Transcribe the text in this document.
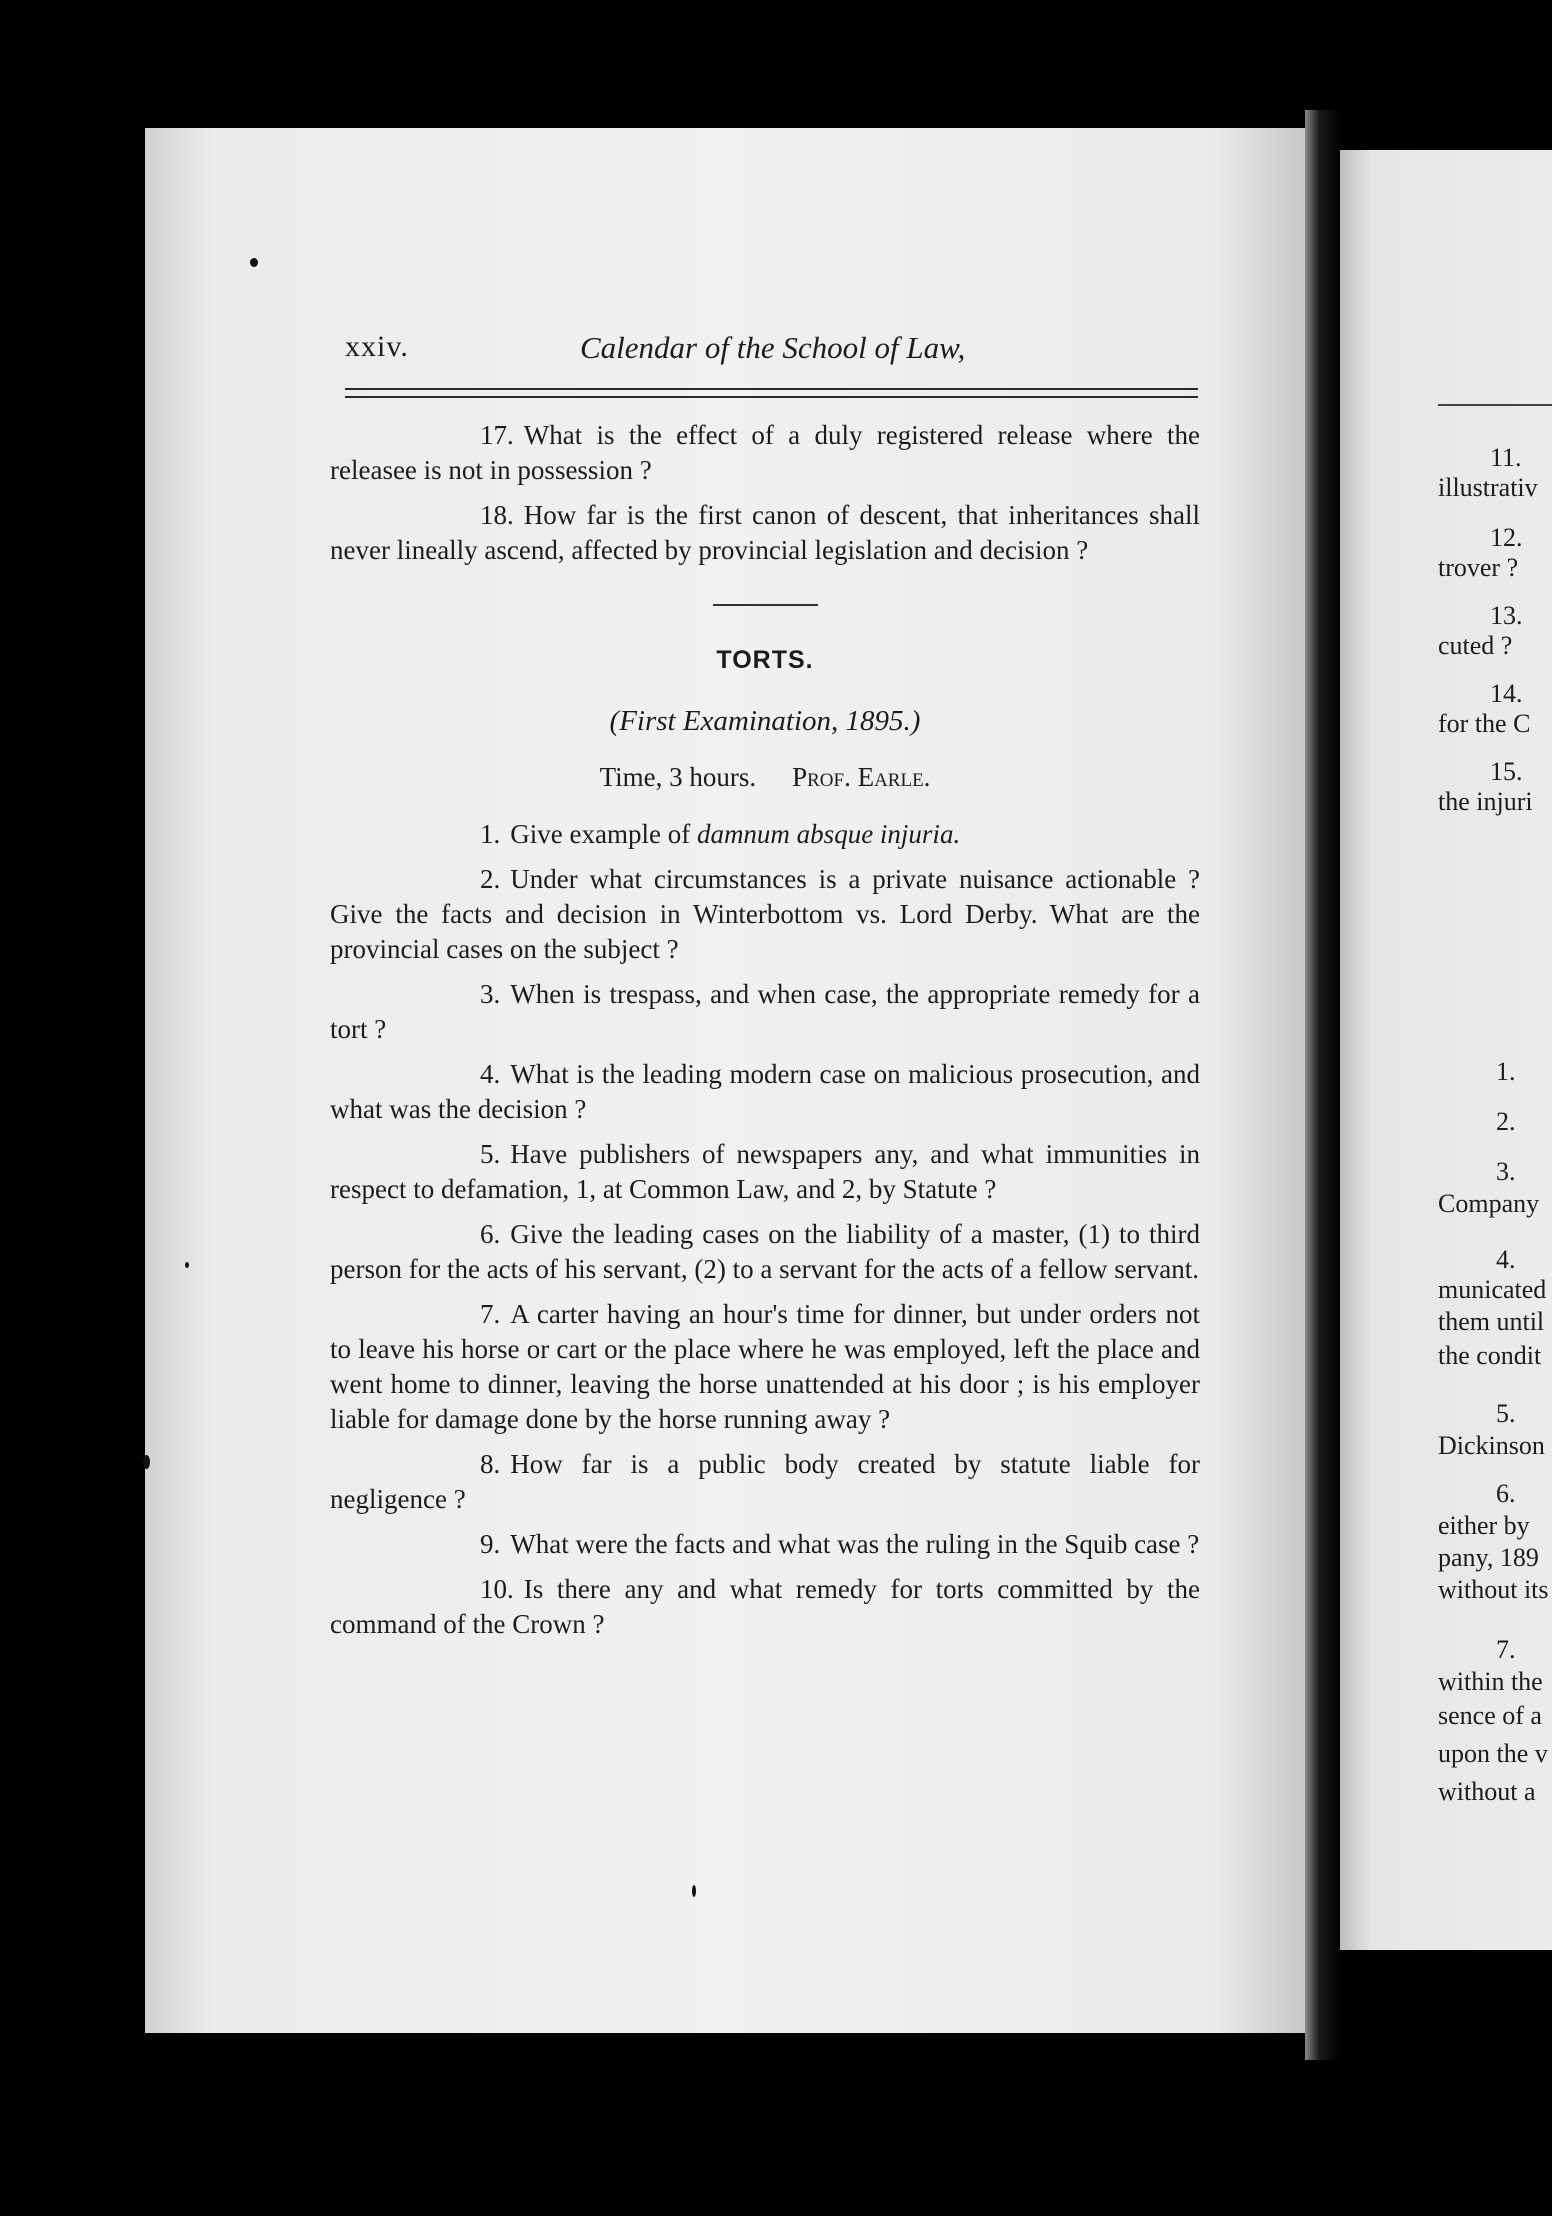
xxiv.	Calendar of the School of Law,

17. What is the effect of a duly registered release where the releasee is not in possession ?

18. How far is the first canon of descent, that inheritances shall never lineally ascend, affected by provincial legislation and decision ?

TORTS.
(First Examination, 1895.)
Time, 3 hours. Prof. Earle.

1. Give example of damnum absque injuria.

2. Under what circumstances is a private nuisance actionable ? Give the facts and decision in Winterbottom vs. Lord Derby. What are the provincial cases on the subject ?

3. When is trespass, and when case, the appropriate remedy for a tort ?

4. What is the leading modern case on malicious prosecution, and what was the decision ?

5. Have publishers of newspapers any, and what immunities in respect to defamation, 1, at Common Law, and 2, by Statute ?

6. Give the leading cases on the liability of a master, (1) to third person for the acts of his servant, (2) to a servant for the acts of a fellow servant.

7. A carter having an hour's time for dinner, but under orders not to leave his horse or cart or the place where he was employed, left the place and went home to dinner, leaving the horse unattended at his door ; is his employer liable for damage done by the horse running away ?

8. How far is a public body created by statute liable for negligence ?

9. What were the facts and what was the ruling in the Squib case ?

10. Is there any and what remedy for torts committed by the command of the Crown ?

11.
illustrativ
12.
trover ?
13.
cuted ?
14.
for the C
15.
the injuri
1.
2.
3.
Company
4.
municated
them until
the condit
5.
Dickinson
6.
either by
pany, 189
without its
7.
within the
sence of a
upon the v
without a
